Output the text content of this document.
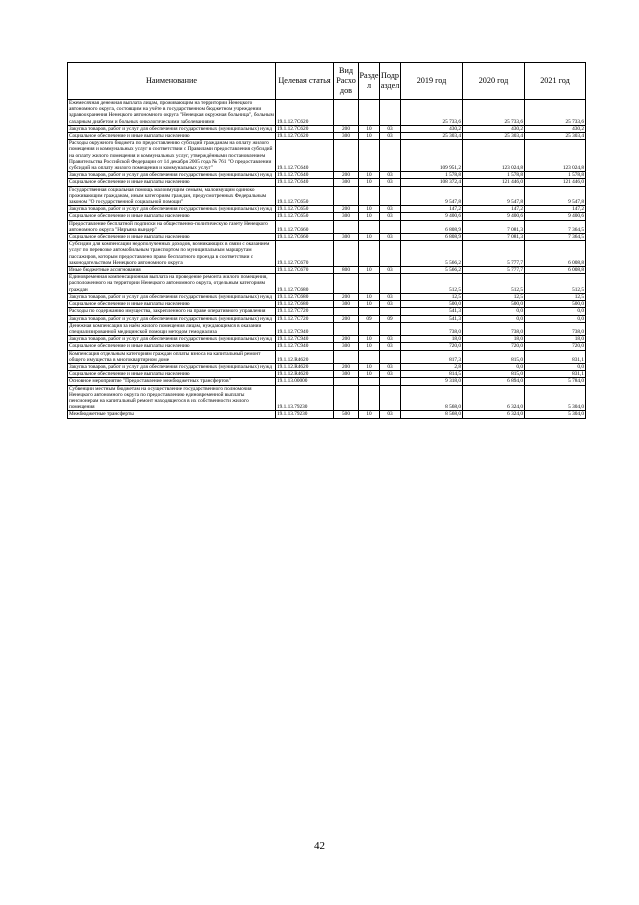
Наименование	Целевая статья	Вид Расхо дов	Разде л	Подр аздел	2019 год	2020 год	2021 год
Ежемесячная денежная выплата лицам, проживающим на территории Ненецкого автономного округа, состоящим на учёте в государственном бюджетном учреждении здравоохранения Ненецкого автономного округа "Ненецкая окружная больница", больным сахарным диабетом и больных онкологическими заболеваниями	19.1.12.7С620				25 733,6	25 733,6	25 733,6
Закупка товаров, работ и услуг для обеспечения государственных (муниципальных) нужд	19.1.12.7С620	200	10	03	430,2	430,2	430,2
Социальное обеспечение и иные выплаты населению	19.1.12.7С620	300	10	03	25 303,4	25 303,4	25 303,4
Расходы окружного бюджета по предоставлению субсидий гражданам на оплату жилого помещения и коммунальных услуг в соответствии с Правилами предоставления субсидий на оплату жилого помещения и коммунальных услуг, утверждёнными постановлением Правительства Российской Федерации от 14 декабря 2005 года № 761 "О предоставлении субсидий на оплату жилого помещения и коммунальных услуг"	19.1.12.7С640				109 951,2	123 024,8	123 024,8
Закупка товаров, работ и услуг для обеспечения государственных (муниципальных) нужд	19.1.12.7С640	200	10	03	1 578,8	1 578,8	1 578,8
Социальное обеспечение и иные выплаты населению	19.1.12.7С640	300	10	03	108 372,4	121 446,0	121 446,0
Государственная социальная помощь малоимущим семьям, малоимущим одиноко проживающим гражданам, иным категориям граждан, предусмотренных Федеральным законом "О государственной социальной помощи"	19.1.12.7С650				9 547,8	9 547,8	9 547,8
Закупка товаров, работ и услуг для обеспечения государственных (муниципальных) нужд	19.1.12.7С650	200	10	03	147,2	147,2	147,2
Социальное обеспечение и иные выплаты населению	19.1.12.7С650	300	10	03	9 400,6	9 400,6	9 400,6
Предоставление бесплатной подписки на общественно-политическую газету Ненецкого автономного округа "Няръяна вындер"	19.1.12.7С660				6 808,9	7 081,3	7 364,5
Социальное обеспечение и иные выплаты населению	19.1.12.7С660	300	10	03	6 808,9	7 081,3	7 364,5
Субсидии для компенсации недополученных доходов, возникающих в связи с оказанием услуг по перевозке автомобильным транспортом по муниципальным маршрутам пассажиров, которым предоставлено право бесплатного проезда в соответствии с законодательством Ненецкого автономного округа	19.1.12.7С670				5 566,2	5 777,7	6 008,8
Иные бюджетные ассигнования	19.1.12.7С670	800	10	03	5 566,2	5 777,7	6 008,8
Единовременная компенсационная выплата на проведение ремонта жилого помещения, расположенного на территории Ненецкого автономного округа, отдельным категориям граждан	19.1.12.7С680				512,5	512,5	512,5
Закупка товаров, работ и услуг для обеспечения государственных (муниципальных) нужд	19.1.12.7С680	200	10	03	12,5	12,5	12,5
Социальное обеспечение и иные выплаты населению	19.1.12.7С680	300	10	03	500,0	500,0	500,0
Расходы по содержанию имущества, закрепленного на праве оперативного управления	19.1.12.7С720				541,3	0,0	0,0
Закупка товаров, работ и услуг для обеспечения государственных (муниципальных) нужд	19.1.12.7С720	200	09	09	541,3	0,0	0,0
Денежная компенсация за наём жилого помещения лицам, нуждающимся в оказании специализированной медицинской помощи методом гемодиализа	19.1.12.7С940				738,0	738,0	738,0
Закупка товаров, работ и услуг для обеспечения государственных (муниципальных) нужд	19.1.12.7С940	200	10	03	18,0	18,0	18,0
Социальное обеспечение и иные выплаты населению	19.1.12.7С940	300	10	03	720,0	720,0	720,0
Компенсация отдельным категориям граждан оплаты взноса на капитальный ремонт общего имущества в многоквартирном доме	19.1.12.R4620				817,3	815,0	831,1
Закупка товаров, работ и услуг для обеспечения государственных (муниципальных) нужд	19.1.12.R4620	200	10	03	2,8	0,0	0,0
Социальное обеспечение и иные выплаты населению	19.1.12.R4620	300	10	03	814,5	815,0	831,1
Основное мероприятие "Предоставление межбюджетных трансфертов"	19.1.13.00000				9 318,0	6 894,0	5 784,0
Субвенции местным бюджетам на осуществление государственного полномочия Ненецкого автономного округа по предоставлению единовременной выплаты пенсионерам на капитальный ремонт находящегося в их собственности жилого помещения	19.1.13.79230				8 568,0	6 324,0	5 304,0
Межбюджетные трансферты	19.1.13.79230	500	10	03	8 568,0	6 324,0	5 304,0
42
